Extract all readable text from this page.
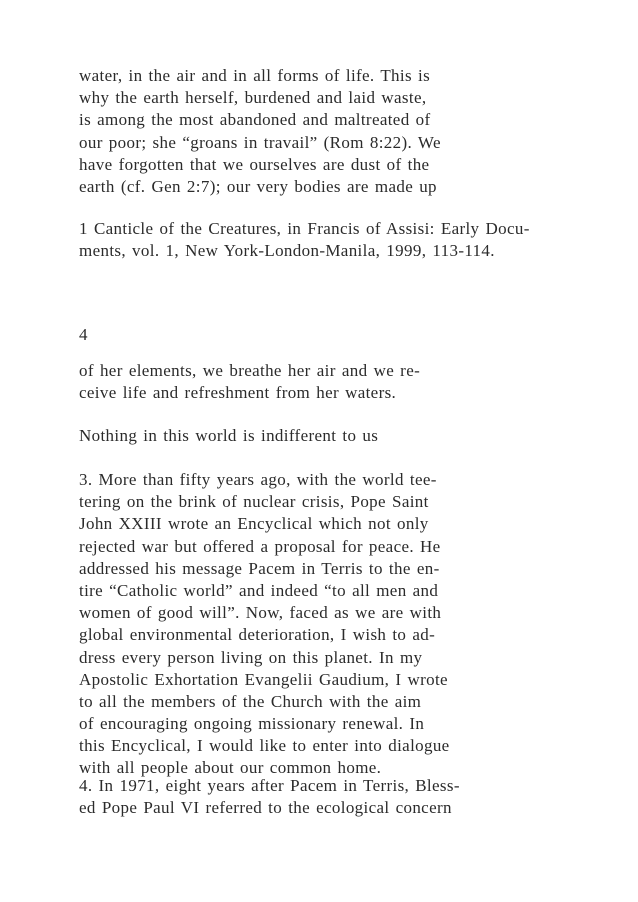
water, in the air and in all forms of life. This is
why the earth herself, burdened and laid waste,
is among the most abandoned and maltreated of
our poor; she “groans in travail” (Rom 8:22). We
have forgotten that we ourselves are dust of the
earth (cf. Gen 2:7); our very bodies are made up
1 Canticle of the Creatures, in Francis of Assisi: Early Docu-
ments, vol. 1, New York-London-Manila, 1999, 113-114.
4
of her elements, we breathe her air and we re-
ceive life and refreshment from her waters.
Nothing in this world is indifferent to us
3. More than fifty years ago, with the world tee-
tering on the brink of nuclear crisis, Pope Saint
John XXIII wrote an Encyclical which not only
rejected war but offered a proposal for peace. He
addressed his message Pacem in Terris to the en-
tire “Catholic world” and indeed “to all men and
women of good will”. Now, faced as we are with
global environmental deterioration, I wish to ad-
dress every person living on this planet. In my
Apostolic Exhortation Evangelii Gaudium, I wrote
to all the members of the Church with the aim
of encouraging ongoing missionary renewal. In
this Encyclical, I would like to enter into dialogue
with all people about our common home.
4. In 1971, eight years after Pacem in Terris, Bless-
ed Pope Paul VI referred to the ecological concern
